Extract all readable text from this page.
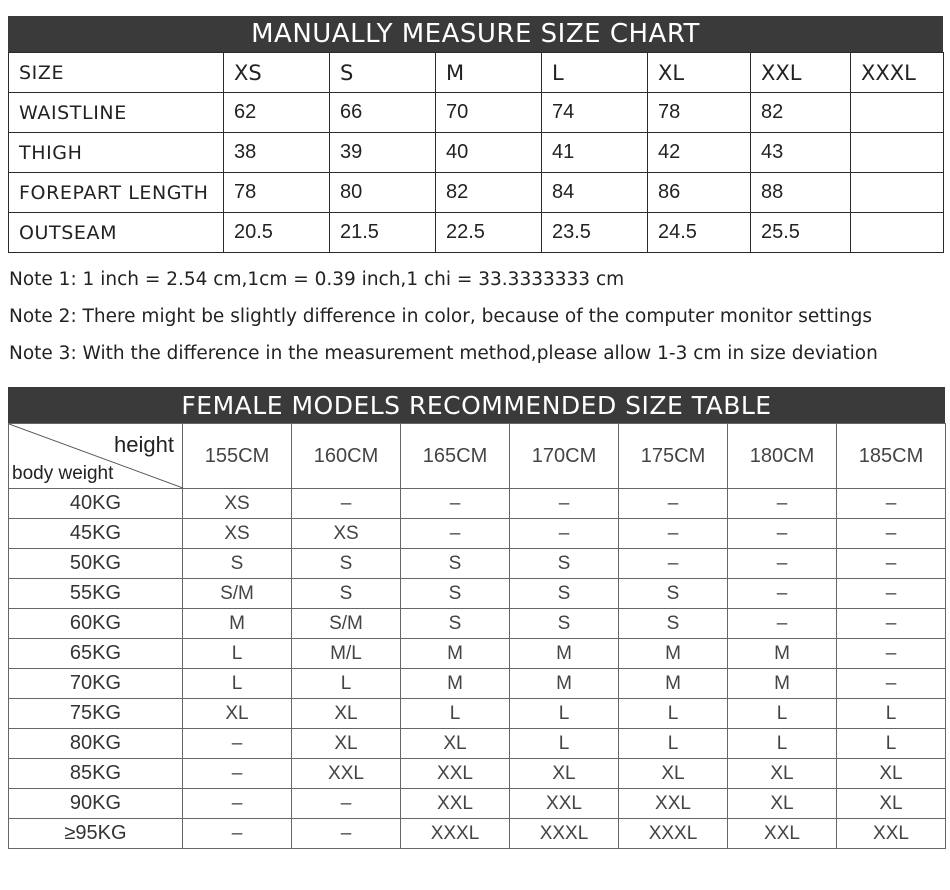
MANUALLY MEASURE SIZE CHART
SIZE	XS	S	M	L	XL	XXL	XXXL
WAISTLINE	62	66	70	74	78	82	
THIGH	38	39	40	41	42	43	
FOREPART LENGTH	78	80	82	84	86	88	
OUTSEAM	20.5	21.5	22.5	23.5	24.5	25.5	
Note 1: 1 inch = 2.54 cm,1cm = 0.39 inch,1 chi = 33.3333333 cm
Note 2: There might be slightly difference in color, because of the computer monitor settings
Note 3: With the difference in the measurement method,please allow 1-3 cm in size deviation
FEMALE MODELS RECOMMENDED SIZE TABLE
height
body weight	155CM	160CM	165CM	170CM	175CM	180CM	185CM
40KG	XS	–	–	–	–	–	–
45KG	XS	XS	–	–	–	–	–
50KG	S	S	S	S	–	–	–
55KG	S/M	S	S	S	S	–	–
60KG	M	S/M	S	S	S	–	–
65KG	L	M/L	M	M	M	M	–
70KG	L	L	M	M	M	M	–
75KG	XL	XL	L	L	L	L	L
80KG	–	XL	XL	L	L	L	L
85KG	–	XXL	XXL	XL	XL	XL	XL
90KG	–	–	XXL	XXL	XXL	XL	XL
≥95KG	–	–	XXXL	XXXL	XXXL	XXL	XXL
